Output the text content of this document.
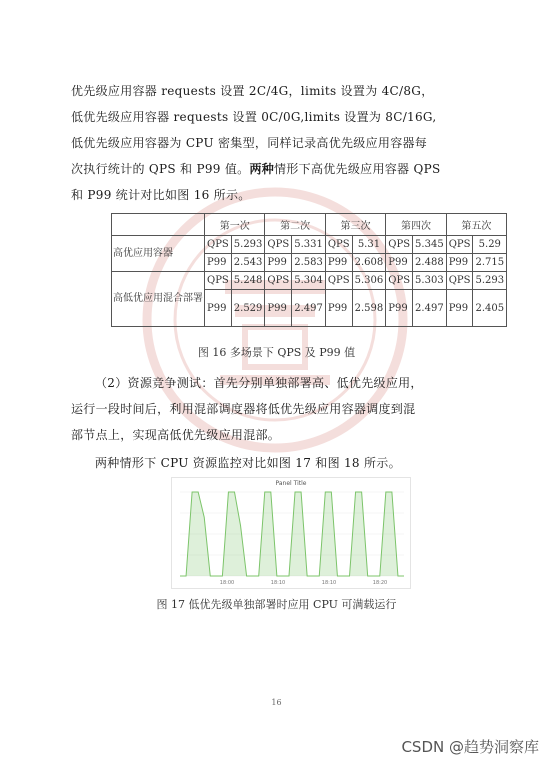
优先级应用容器 requests 设置 2C/4G，limits 设置为 4C/8G，
低优先级应用容器 requests 设置 0C/0G,limits 设置为 8C/16G,
低优先级应用容器为 CPU 密集型，同样记录高优先级应用容器每
次执行统计的 QPS 和 P99 值。两种情形下高优先级应用容器 QPS
和 P99 统计对比如图 16 所示。
	第一次		第二次		第三次		第四次		第五次	
高优应用容器	QPS	5.293	QPS	5.331	QPS	5.31	QPS	5.345	QPS	5.29
	P99	2.543	P99	2.583	P99	2.608	P99	2.488	P99	2.715
高低优应用混合部署	QPS	5.248	QPS	5.304	QPS	5.306	QPS	5.303	QPS	5.293
	P99	2.529	P99	2.497	P99	2.598	P99	2.497	P99	2.405
图 16 多场景下 QPS 及 P99 值
（2）资源竞争测试：首先分别单独部署高、低优先级应用，
运行一段时间后，利用混部调度器将低优先级应用容器调度到混
部节点上，实现高低优先级应用混部。
两种情形下 CPU 资源监控对比如图 17 和图 18 所示。
Panel Title
18:00	18:10	18:10	18:20
图 17 低优先级单独部署时应用 CPU 可满载运行
16
CSDN @趋势洞察库
